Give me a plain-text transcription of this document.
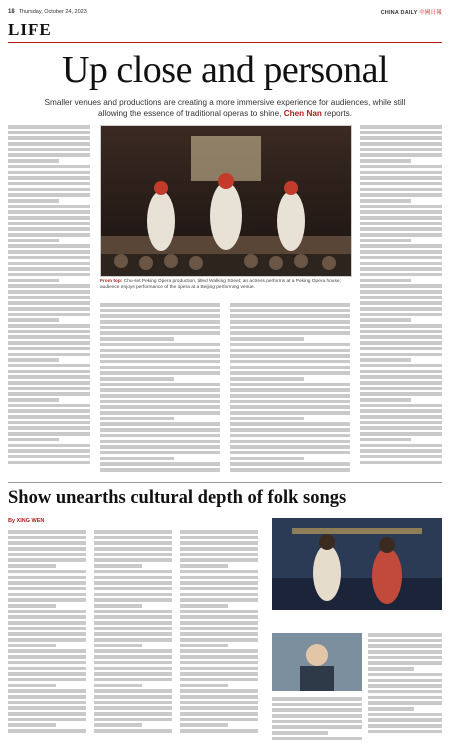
18 Thursday, October 24, 2023	CHINA DAILY 中國日報
LIFE
Up close and personal
Smaller venues and productions are creating a more immersive experience for audiences, while still allowing the essence of traditional operas to shine, Chen Nan reports.
From top: Chu-set Peking Opera production, titled Walking Street; an actress performs at a Peking Opera house; audience enjoys performance of the opera at a Beijing performing venue.
Show unearths cultural depth of folk songs
By XING WEN
